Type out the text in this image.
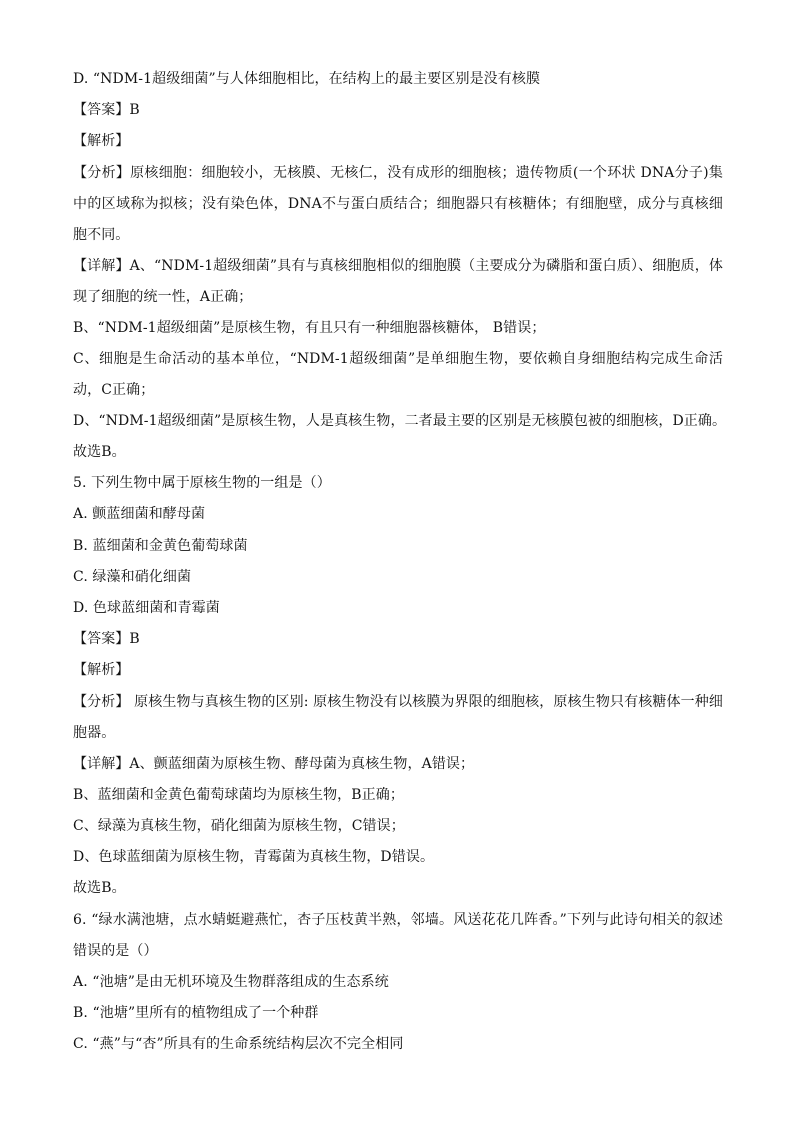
D. “NDM-1超级细菌”与人体细胞相比，在结构上的最主要区别是没有核膜
【答案】B
【解析】
【分析】原核细胞：细胞较小，无核膜、无核仁，没有成形的细胞核；遗传物质(一个环状 DNA分子)集中的区域称为拟核；没有染色体，DNA不与蛋白质结合；细胞器只有核糖体；有细胞壁，成分与真核细胞不同。
【详解】A、“NDM-1超级细菌”具有与真核细胞相似的细胞膜（主要成分为磷脂和蛋白质）、细胞质，体现了细胞的统一性，A正确；
B、“NDM-1超级细菌”是原核生物，有且只有一种细胞器核糖体， B错误；
C、细胞是生命活动的基本单位，“NDM-1超级细菌”是单细胞生物，要依赖自身细胞结构完成生命活动，C正确；
D、“NDM-1超级细菌”是原核生物，人是真核生物，二者最主要的区别是无核膜包被的细胞核，D正确。
故选B。
5. 下列生物中属于原核生物的一组是（）
A. 颤蓝细菌和酵母菌
B. 蓝细菌和金黄色葡萄球菌
C. 绿藻和硝化细菌
D. 色球蓝细菌和青霉菌
【答案】B
【解析】
【分析】 原核生物与真核生物的区别: 原核生物没有以核膜为界限的细胞核，原核生物只有核糖体一种细胞器。
【详解】A、颤蓝细菌为原核生物、酵母菌为真核生物，A错误；
B、蓝细菌和金黄色葡萄球菌均为原核生物，B正确；
C、绿藻为真核生物，硝化细菌为原核生物，C错误；
D、色球蓝细菌为原核生物，青霉菌为真核生物，D错误。
故选B。
6. “绿水满池塘，点水蜻蜓避燕忙，杏子压枝黄半熟，邻墙。风送花花几阵香。”下列与此诗句相关的叙述错误的是（）
A. “池塘”是由无机环境及生物群落组成的生态系统
B. “池塘”里所有的植物组成了一个种群
C. “燕”与“杏”所具有的生命系统结构层次不完全相同
